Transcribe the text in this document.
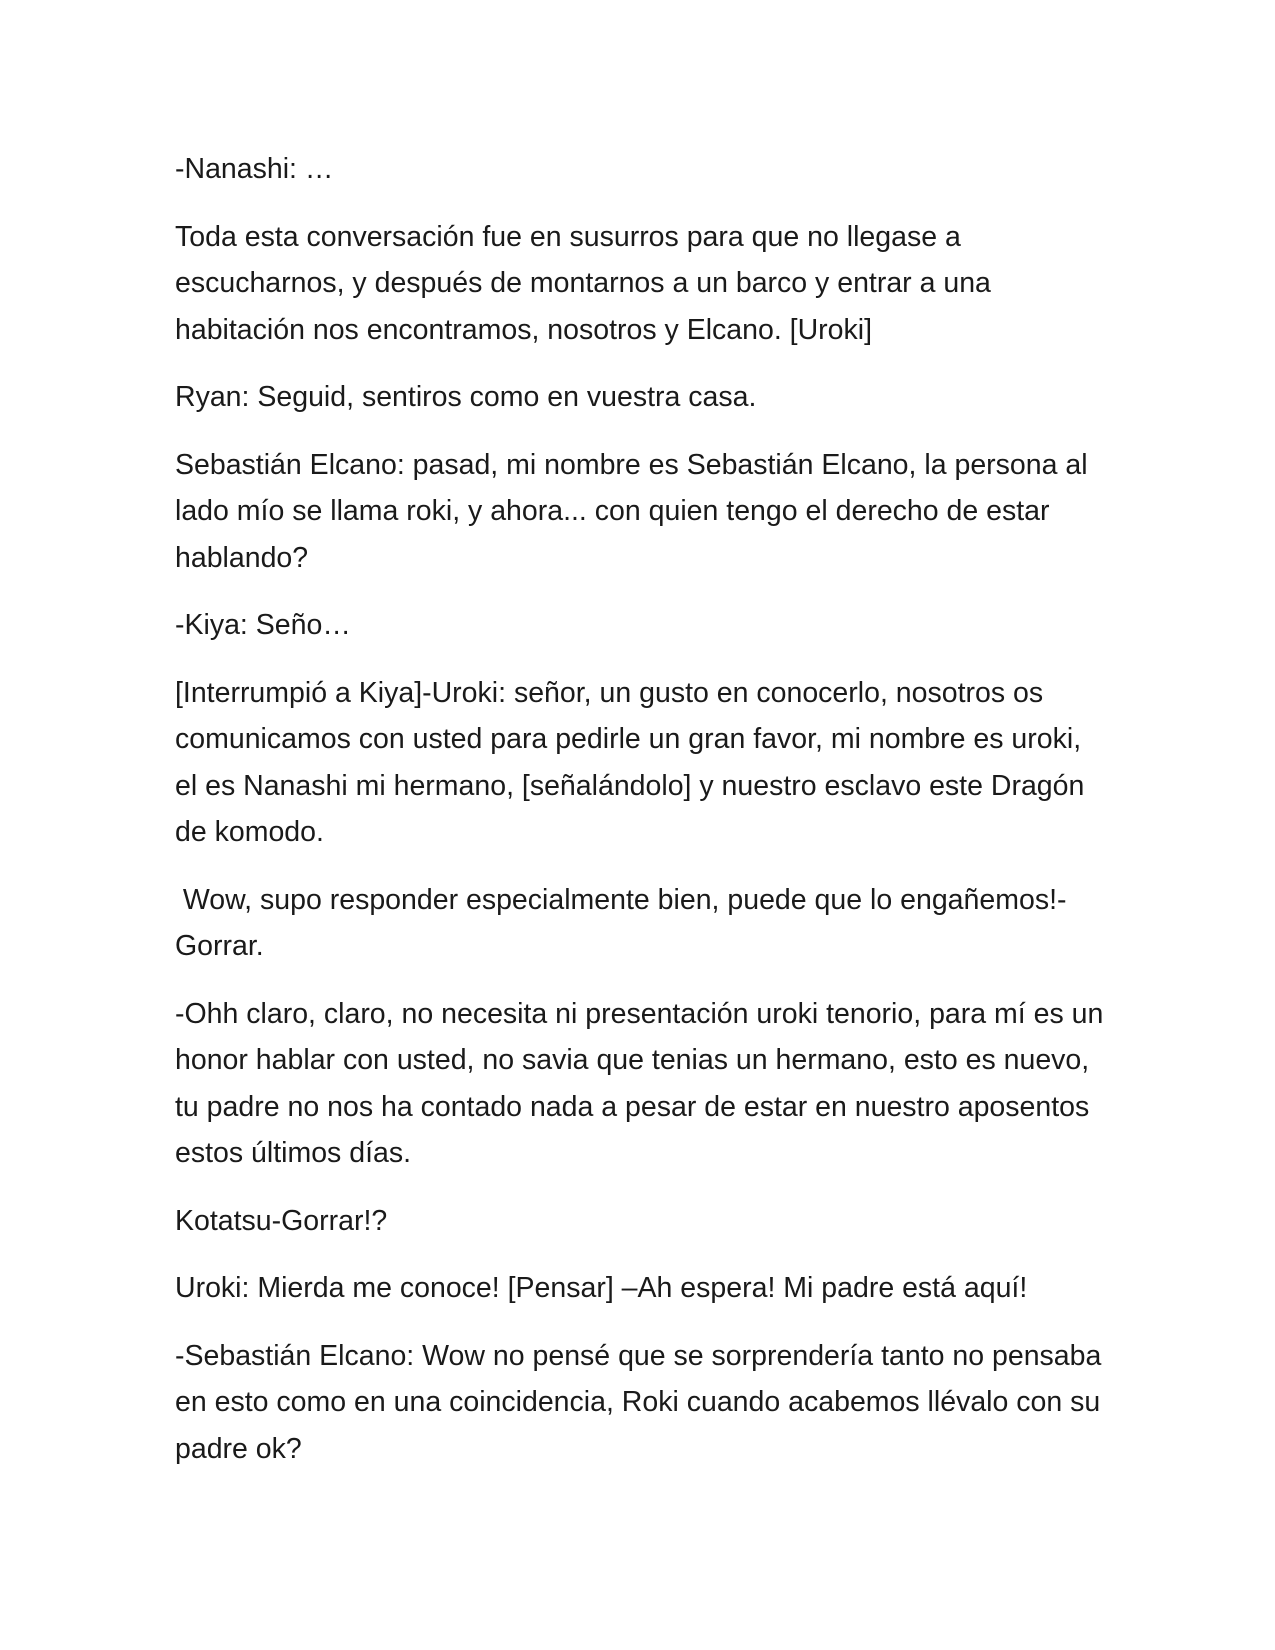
-Nanashi: …

Toda esta conversación fue en susurros para que no llegase a escucharnos, y después de montarnos a un barco y entrar a una habitación nos encontramos, nosotros y Elcano. [Uroki]

Ryan: Seguid, sentiros como en vuestra casa.

Sebastián Elcano: pasad, mi nombre es Sebastián Elcano, la persona al lado mío se llama roki, y ahora... con quien tengo el derecho de estar hablando?

-Kiya: Seño…

[Interrumpió a Kiya]-Uroki: señor, un gusto en conocerlo, nosotros os comunicamos con usted para pedirle un gran favor, mi nombre es uroki, el es Nanashi mi hermano, [señalándolo] y nuestro esclavo este Dragón de komodo.

Wow, supo responder especialmente bien, puede que lo engañemos!-Gorrar.

-Ohh claro, claro, no necesita ni presentación uroki tenorio, para mí es un honor hablar con usted, no savia que tenias un hermano, esto es nuevo, tu padre no nos ha contado nada a pesar de estar en nuestro aposentos estos últimos días.

Kotatsu-Gorrar!?

Uroki: Mierda me conoce! [Pensar] –Ah espera! Mi padre está aquí!

-Sebastián Elcano: Wow no pensé que se sorprendería tanto no pensaba en esto como en una coincidencia, Roki cuando acabemos llévalo con su padre ok?
